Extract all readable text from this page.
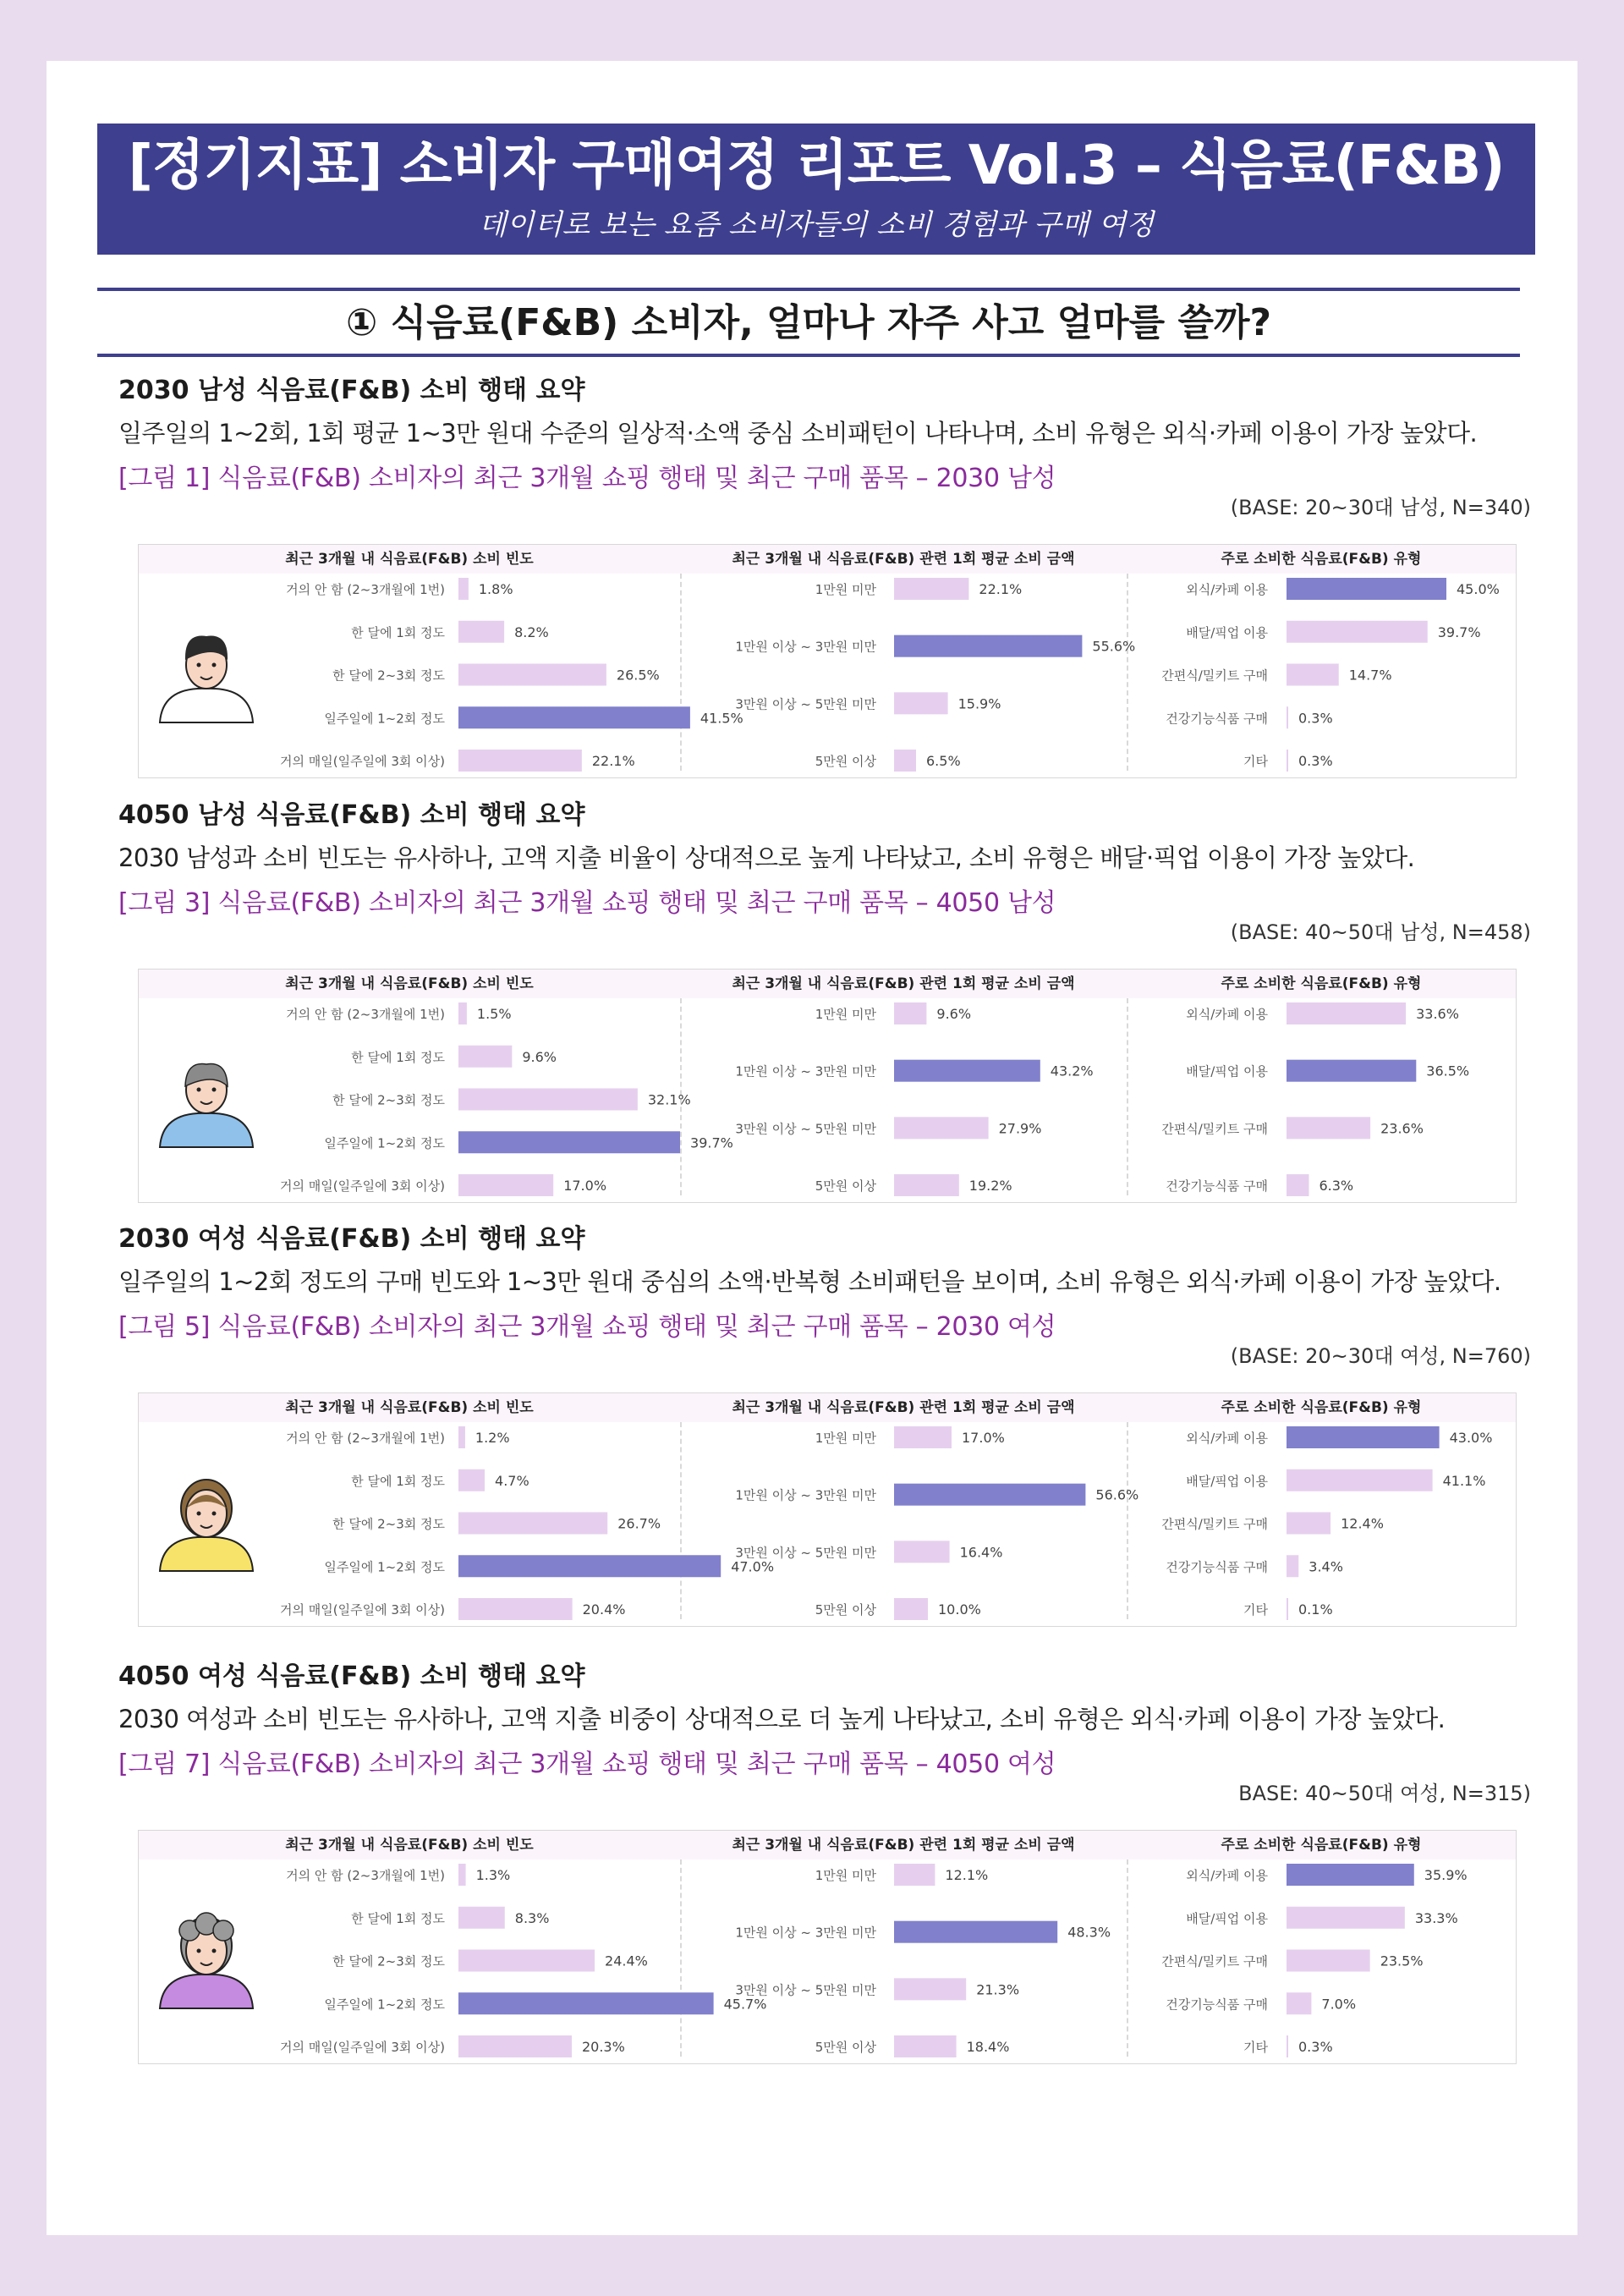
[정기지표] 소비자 구매여정 리포트 Vol.3 – 식음료(F&B)
데이터로 보는 요즘 소비자들의 소비 경험과 구매 여정
① 식음료(F&B) 소비자, 얼마나 자주 사고 얼마를 쓸까?
2030 남성 식음료(F&B) 소비 행태 요약
일주일의 1~2회, 1회 평균 1~3만 원대 수준의 일상적·소액 중심 소비패턴이 나타나며, 소비 유형은 외식·카페 이용이 가장 높았다.
[그림 1] 식음료(F&B) 소비자의 최근 3개월 쇼핑 행태 및 최근 구매 품목 – 2030 남성
(BASE: 20~30대 남성, N=340)
최근 3개월 내 식음료(F&B) 소비 빈도	최근 3개월 내 식음료(F&B) 관련 1회 평균 소비 금액	주로 소비한 식음료(F&B) 유형
거의 안 함 (2~3개월에 1번) 1.8%
한 달에 1회 정도	8.2%
한 달에 2~3회 정도	26.5%
일주일에 1~2회 정도	41.5%
거의 매일(일주일에 3회 이상)	22.1%
1만원 미만	22.1%
1만원 이상 ~ 3만원 미만	55.6%
3만원 이상 ~ 5만원 미만	15.9%
5만원 이상	6.5%
외식/카페 이용	45.0%
배달/픽업 이용	39.7%
간편식/밀키트 구매	14.7%
건강기능식품 구매 0.3%
기타 0.3%
4050 남성 식음료(F&B) 소비 행태 요약
2030 남성과 소비 빈도는 유사하나, 고액 지출 비율이 상대적으로 높게 나타났고, 소비 유형은 배달·픽업 이용이 가장 높았다.
[그림 3] 식음료(F&B) 소비자의 최근 3개월 쇼핑 행태 및 최근 구매 품목 – 4050 남성
(BASE: 40~50대 남성, N=458)
최근 3개월 내 식음료(F&B) 소비 빈도	최근 3개월 내 식음료(F&B) 관련 1회 평균 소비 금액	주로 소비한 식음료(F&B) 유형
거의 안 함 (2~3개월에 1번) 1.5%
한 달에 1회 정도	9.6%
한 달에 2~3회 정도	32.1%
일주일에 1~2회 정도	39.7%
거의 매일(일주일에 3회 이상)	17.0%
1만원 미만	9.6%
1만원 이상 ~ 3만원 미만	43.2%
3만원 이상 ~ 5만원 미만	27.9%
5만원 이상	19.2%
외식/카페 이용	33.6%
배달/픽업 이용	36.5%
간편식/밀키트 구매	23.6%
건강기능식품 구매	6.3%
2030 여성 식음료(F&B) 소비 행태 요약
일주일의 1~2회 정도의 구매 빈도와 1~3만 원대 중심의 소액·반복형 소비패턴을 보이며, 소비 유형은 외식·카페 이용이 가장 높았다.
[그림 5] 식음료(F&B) 소비자의 최근 3개월 쇼핑 행태 및 최근 구매 품목 – 2030 여성
(BASE: 20~30대 여성, N=760)
최근 3개월 내 식음료(F&B) 소비 빈도	최근 3개월 내 식음료(F&B) 관련 1회 평균 소비 금액	주로 소비한 식음료(F&B) 유형
거의 안 함 (2~3개월에 1번) 1.2%
한 달에 1회 정도	4.7%
한 달에 2~3회 정도	26.7%
일주일에 1~2회 정도	47.0%
거의 매일(일주일에 3회 이상)	20.4%
1만원 미만	17.0%
1만원 이상 ~ 3만원 미만	56.6%
3만원 이상 ~ 5만원 미만	16.4%
5만원 이상	10.0%
외식/카페 이용	43.0%
배달/픽업 이용	41.1%
간편식/밀키트 구매	12.4%
건강기능식품 구매	3.4%
기타 0.1%
4050 여성 식음료(F&B) 소비 행태 요약
2030 여성과 소비 빈도는 유사하나, 고액 지출 비중이 상대적으로 더 높게 나타났고, 소비 유형은 외식·카페 이용이 가장 높았다.
[그림 7] 식음료(F&B) 소비자의 최근 3개월 쇼핑 행태 및 최근 구매 품목 – 4050 여성
BASE: 40~50대 여성, N=315)
최근 3개월 내 식음료(F&B) 소비 빈도	최근 3개월 내 식음료(F&B) 관련 1회 평균 소비 금액	주로 소비한 식음료(F&B) 유형
거의 안 함 (2~3개월에 1번) 1.3%
한 달에 1회 정도	8.3%
한 달에 2~3회 정도	24.4%
일주일에 1~2회 정도	45.7%
거의 매일(일주일에 3회 이상)	20.3%
1만원 미만	12.1%
1만원 이상 ~ 3만원 미만	48.3%
3만원 이상 ~ 5만원 미만	21.3%
5만원 이상	18.4%
외식/카페 이용	35.9%
배달/픽업 이용	33.3%
간편식/밀키트 구매	23.5%
건강기능식품 구매	7.0%
기타 0.3%
